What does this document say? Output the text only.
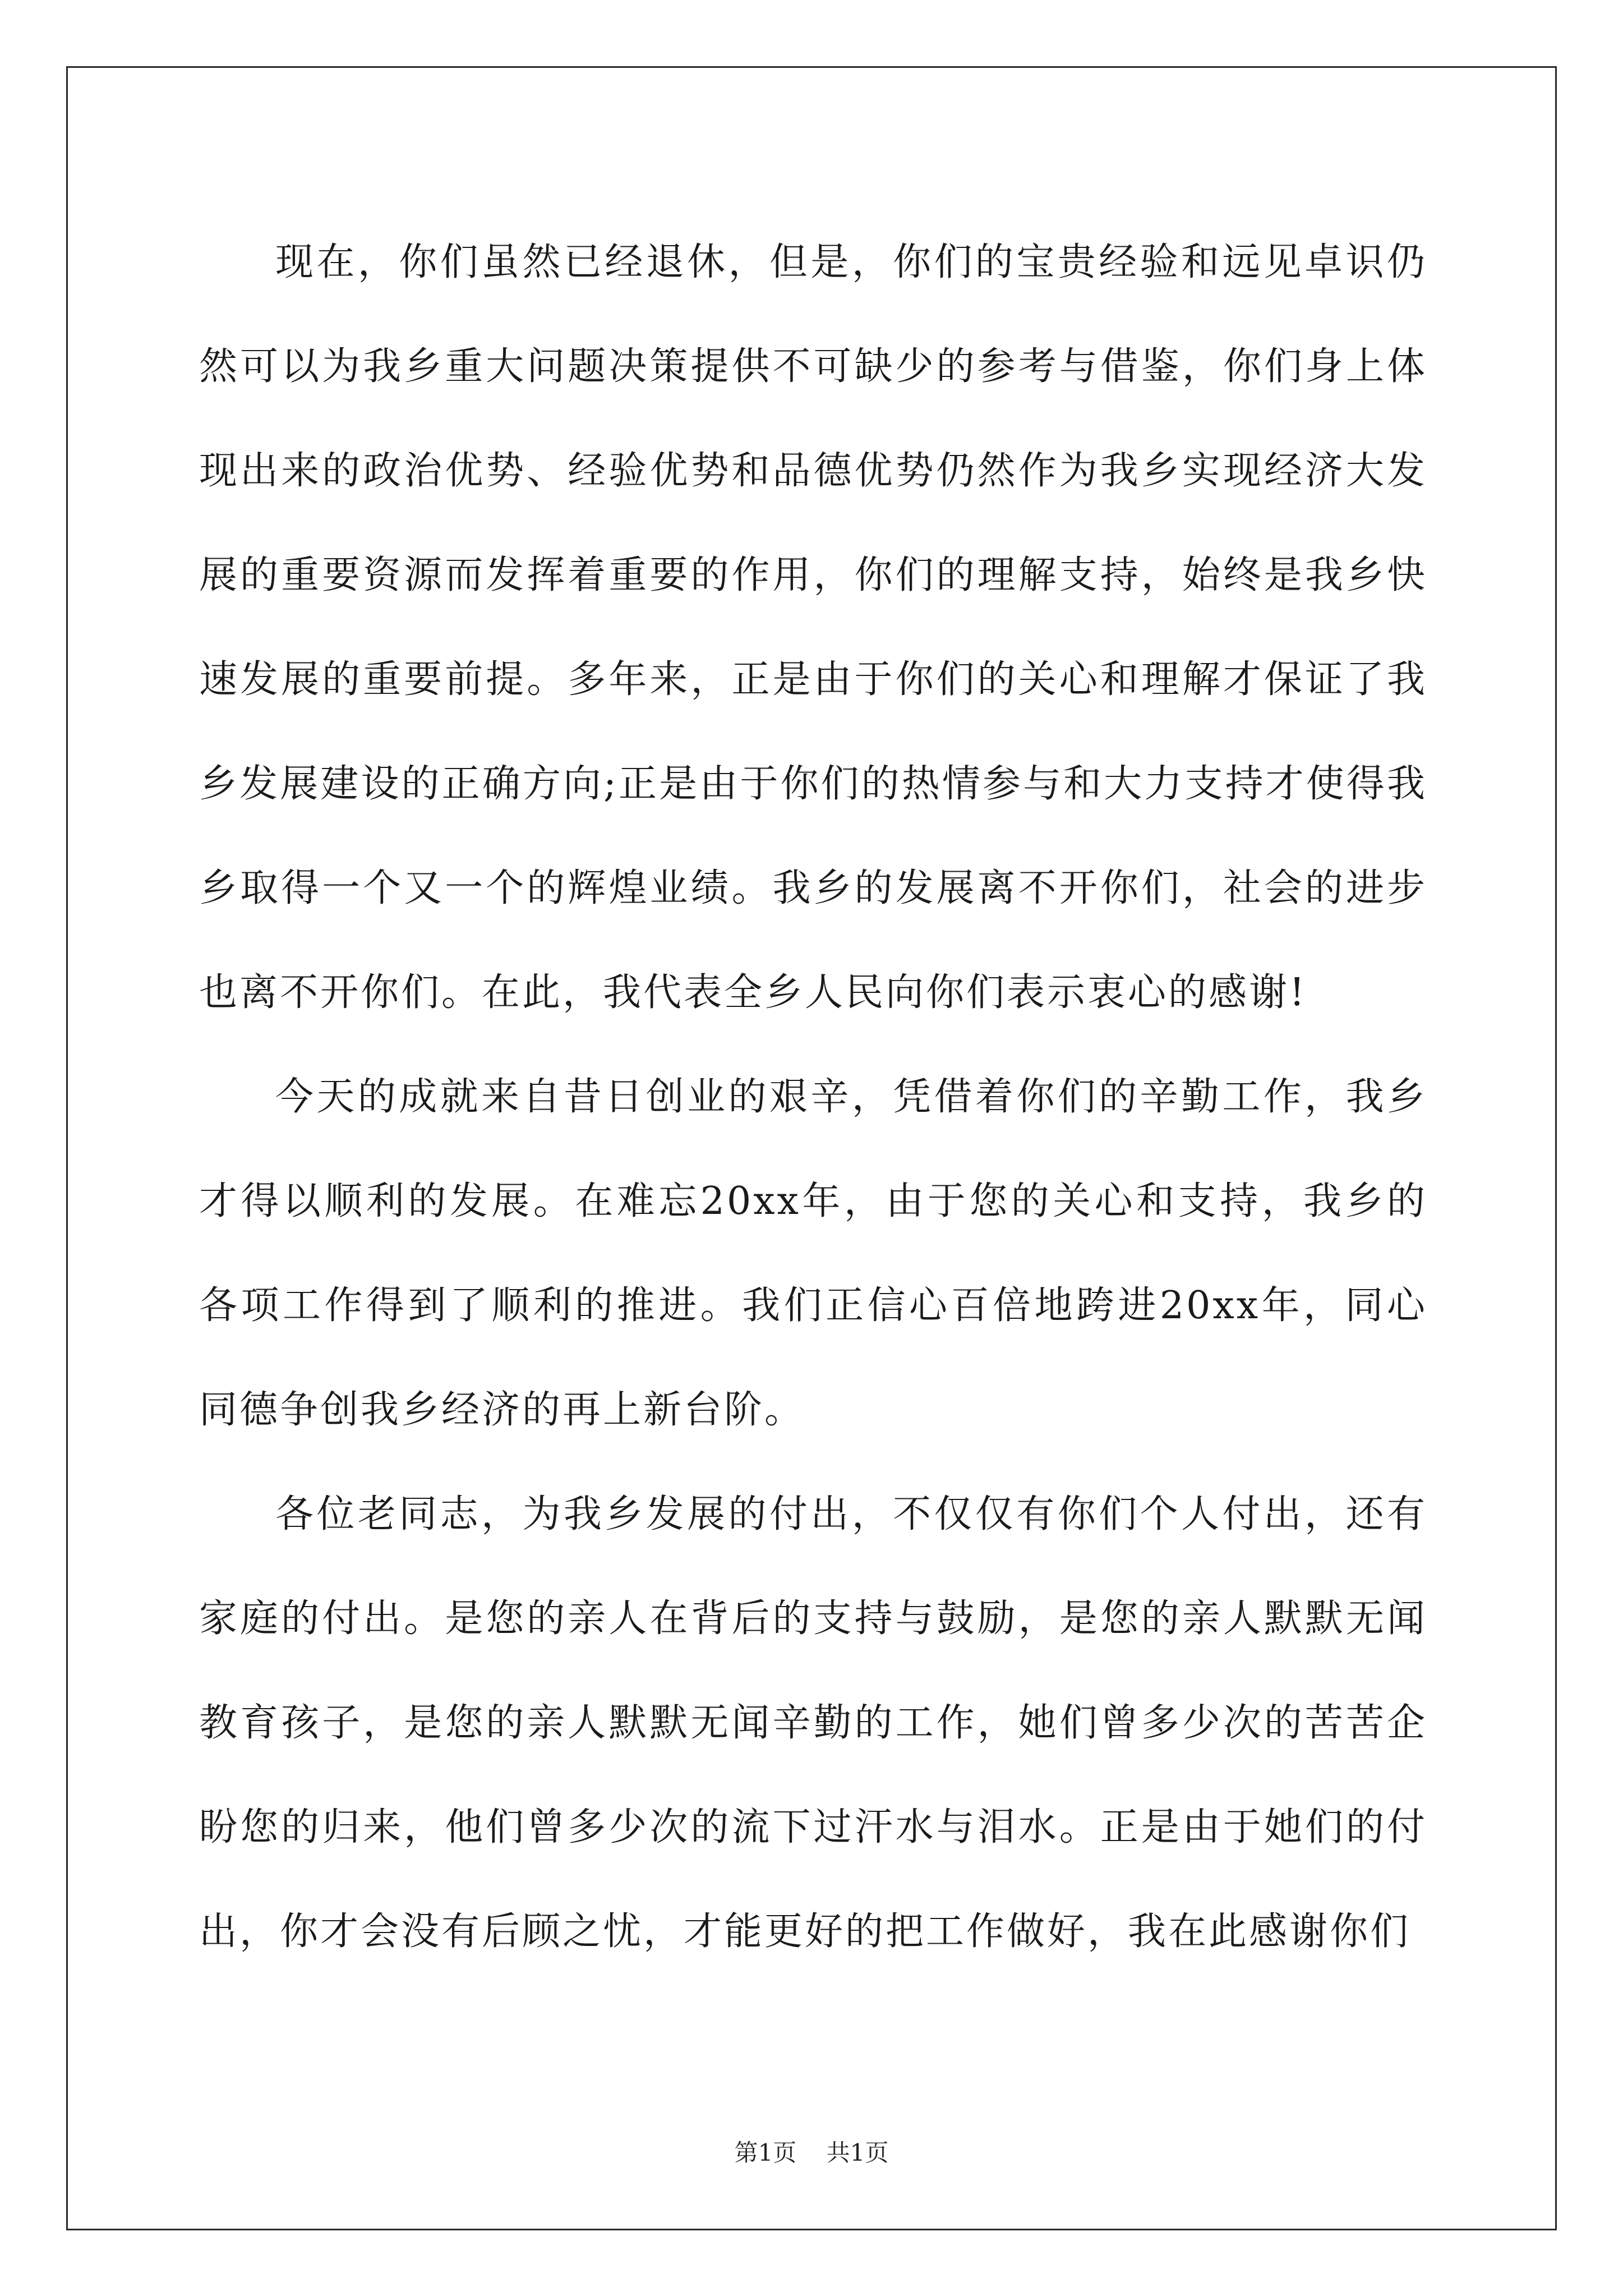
现在，你们虽然已经退休，但是，你们的宝贵经验和远见卓识仍然可以为我乡重大问题决策提供不可缺少的参考与借鉴，你们身上体现出来的政治优势、经验优势和品德优势仍然作为我乡实现经济大发展的重要资源而发挥着重要的作用，你们的理解支持，始终是我乡快速发展的重要前提。多年来，正是由于你们的关心和理解才保证了我乡发展建设的正确方向;正是由于你们的热情参与和大力支持才使得我乡取得一个又一个的辉煌业绩。我乡的发展离不开你们，社会的进步也离不开你们。在此，我代表全乡人民向你们表示衷心的感谢!

今天的成就来自昔日创业的艰辛，凭借着你们的辛勤工作，我乡才得以顺利的发展。在难忘20xx年，由于您的关心和支持，我乡的各项工作得到了顺利的推进。我们正信心百倍地跨进20xx年，同心同德争创我乡经济的再上新台阶。

各位老同志，为我乡发展的付出，不仅仅有你们个人付出，还有家庭的付出。是您的亲人在背后的支持与鼓励，是您的亲人默默无闻教育孩子，是您的亲人默默无闻辛勤的工作，她们曾多少次的苦苦企盼您的归来，他们曾多少次的流下过汗水与泪水。正是由于她们的付出，你才会没有后顾之忧，才能更好的把工作做好，我在此感谢你们

第1页 共1页
